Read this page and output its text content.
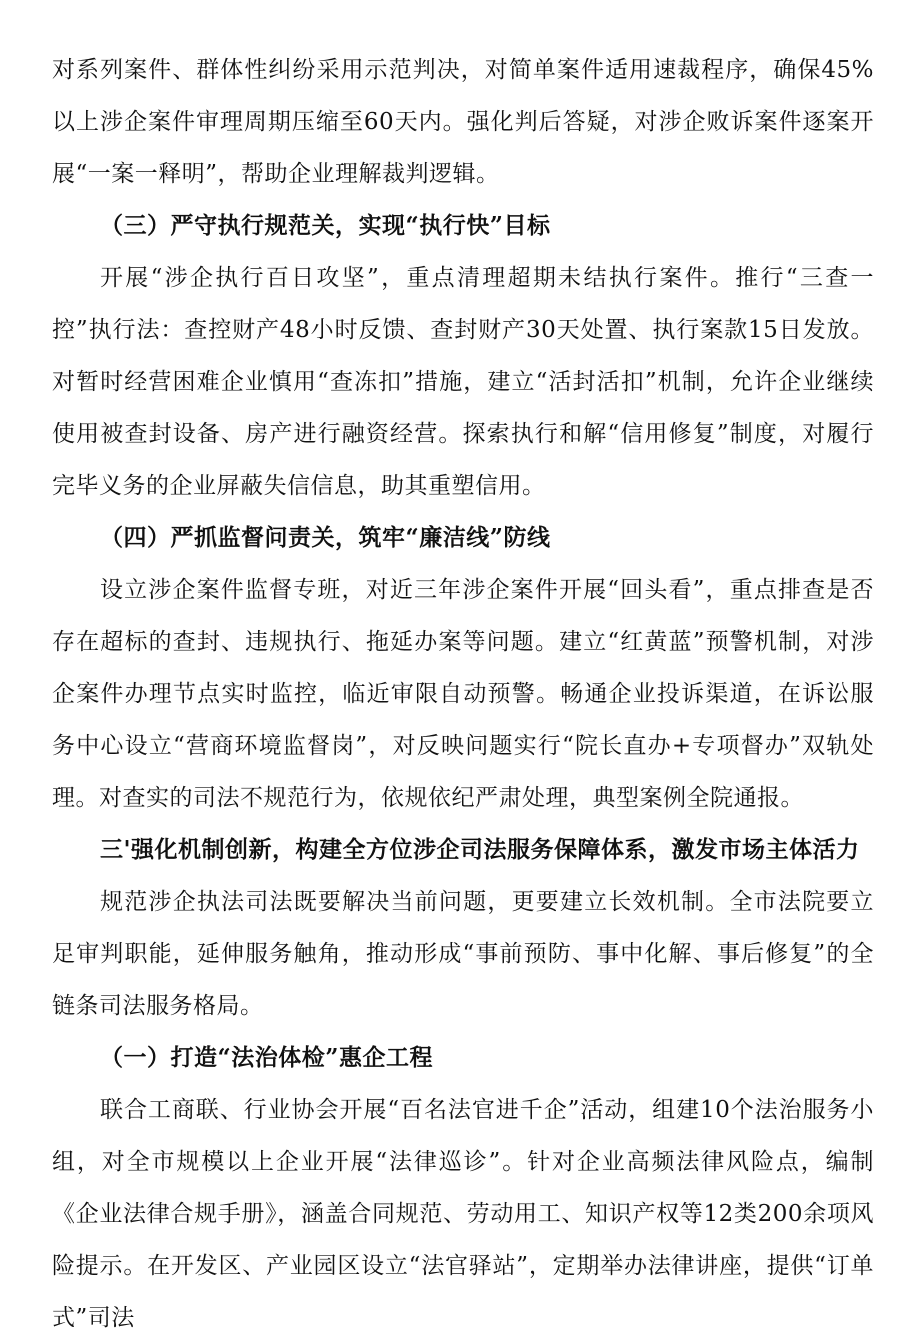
对系列案件、群体性纠纷采用示范判决，对简单案件适用速裁程序，确保45%以上涉企案件审理周期压缩至60天内。强化判后答疑，对涉企败诉案件逐案开展“一案一释明”，帮助企业理解裁判逻辑。

（三）严守执行规范关，实现“执行快”目标

开展“涉企执行百日攻坚”，重点清理超期未结执行案件。推行“三查一控”执行法：查控财产48小时反馈、查封财产30天处置、执行案款15日发放。对暂时经营困难企业慎用“查冻扣”措施，建立“活封活扣”机制，允许企业继续使用被查封设备、房产进行融资经营。探索执行和解“信用修复”制度，对履行完毕义务的企业屏蔽失信信息，助其重塑信用。

（四）严抓监督问责关，筑牢“廉洁线”防线

设立涉企案件监督专班，对近三年涉企案件开展“回头看”，重点排查是否存在超标的查封、违规执行、拖延办案等问题。建立“红黄蓝”预警机制，对涉企案件办理节点实时监控，临近审限自动预警。畅通企业投诉渠道，在诉讼服务中心设立“营商环境监督岗”，对反映问题实行“院长直办+专项督办”双轨处理。对查实的司法不规范行为，依规依纪严肃处理，典型案例全院通报。

三'强化机制创新，构建全方位涉企司法服务保障体系，激发市场主体活力

规范涉企执法司法既要解决当前问题，更要建立长效机制。全市法院要立足审判职能，延伸服务触角，推动形成“事前预防、事中化解、事后修复”的全链条司法服务格局。

（一）打造“法治体检”惠企工程

联合工商联、行业协会开展“百名法官进千企”活动，组建10个法治服务小组，对全市规模以上企业开展“法律巡诊”。针对企业高频法律风险点，编制《企业法律合规手册》，涵盖合同规范、劳动用工、知识产权等12类200余项风险提示。在开发区、产业园区设立“法官驿站”，定期举办法律讲座，提供“订单式”司法
